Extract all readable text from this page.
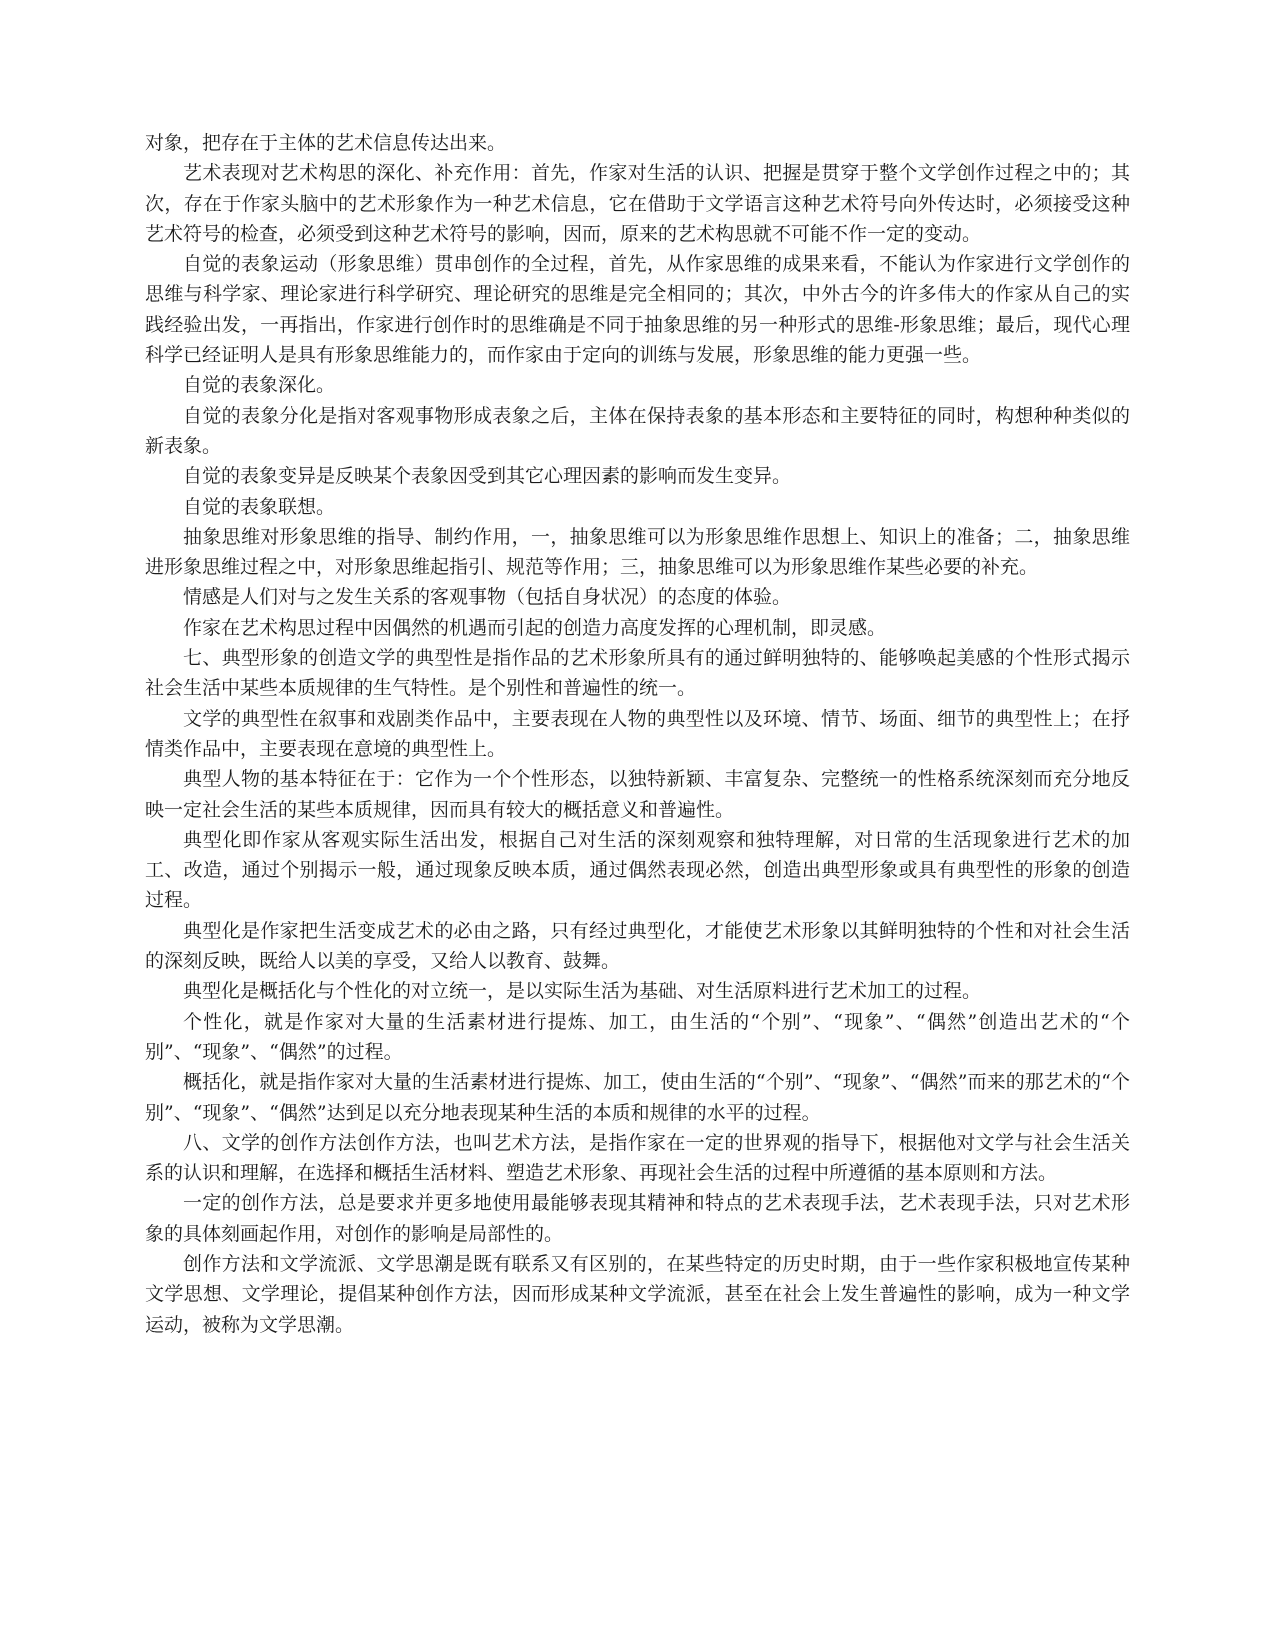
对象，把存在于主体的艺术信息传达出来。

艺术表现对艺术构思的深化、补充作用：首先，作家对生活的认识、把握是贯穿于整个文学创作过程之中的；其次，存在于作家头脑中的艺术形象作为一种艺术信息，它在借助于文学语言这种艺术符号向外传达时，必须接受这种艺术符号的检查，必须受到这种艺术符号的影响，因而，原来的艺术构思就不可能不作一定的变动。

自觉的表象运动（形象思维）贯串创作的全过程，首先，从作家思维的成果来看，不能认为作家进行文学创作的思维与科学家、理论家进行科学研究、理论研究的思维是完全相同的；其次，中外古今的许多伟大的作家从自己的实践经验出发，一再指出，作家进行创作时的思维确是不同于抽象思维的另一种形式的思维-形象思维；最后，现代心理科学已经证明人是具有形象思维能力的，而作家由于定向的训练与发展，形象思维的能力更强一些。

自觉的表象深化。

自觉的表象分化是指对客观事物形成表象之后，主体在保持表象的基本形态和主要特征的同时，构想种种类似的新表象。

自觉的表象变异是反映某个表象因受到其它心理因素的影响而发生变异。

自觉的表象联想。

抽象思维对形象思维的指导、制约作用，一，抽象思维可以为形象思维作思想上、知识上的准备；二，抽象思维进形象思维过程之中，对形象思维起指引、规范等作用；三，抽象思维可以为形象思维作某些必要的补充。

情感是人们对与之发生关系的客观事物（包括自身状况）的态度的体验。

作家在艺术构思过程中因偶然的机遇而引起的创造力高度发挥的心理机制，即灵感。

七、典型形象的创造文学的典型性是指作品的艺术形象所具有的通过鲜明独特的、能够唤起美感的个性形式揭示社会生活中某些本质规律的生气特性。是个别性和普遍性的统一。

文学的典型性在叙事和戏剧类作品中，主要表现在人物的典型性以及环境、情节、场面、细节的典型性上；在抒情类作品中，主要表现在意境的典型性上。

典型人物的基本特征在于：它作为一个个性形态，以独特新颖、丰富复杂、完整统一的性格系统深刻而充分地反映一定社会生活的某些本质规律，因而具有较大的概括意义和普遍性。

典型化即作家从客观实际生活出发，根据自己对生活的深刻观察和独特理解，对日常的生活现象进行艺术的加工、改造，通过个别揭示一般，通过现象反映本质，通过偶然表现必然，创造出典型形象或具有典型性的形象的创造过程。

典型化是作家把生活变成艺术的必由之路，只有经过典型化，才能使艺术形象以其鲜明独特的个性和对社会生活的深刻反映，既给人以美的享受，又给人以教育、鼓舞。

典型化是概括化与个性化的对立统一，是以实际生活为基础、对生活原料进行艺术加工的过程。

个性化，就是作家对大量的生活素材进行提炼、加工，由生活的“个别”、“现象”、“偶然”创造出艺术的“个别”、“现象”、“偶然”的过程。

概括化，就是指作家对大量的生活素材进行提炼、加工，使由生活的“个别”、“现象”、“偶然”而来的那艺术的“个别”、“现象”、“偶然”达到足以充分地表现某种生活的本质和规律的水平的过程。

八、文学的创作方法创作方法，也叫艺术方法，是指作家在一定的世界观的指导下，根据他对文学与社会生活关系的认识和理解，在选择和概括生活材料、塑造艺术形象、再现社会生活的过程中所遵循的基本原则和方法。

一定的创作方法，总是要求并更多地使用最能够表现其精神和特点的艺术表现手法，艺术表现手法，只对艺术形象的具体刻画起作用，对创作的影响是局部性的。

创作方法和文学流派、文学思潮是既有联系又有区别的，在某些特定的历史时期，由于一些作家积极地宣传某种文学思想、文学理论，提倡某种创作方法，因而形成某种文学流派，甚至在社会上发生普遍性的影响，成为一种文学运动，被称为文学思潮。
